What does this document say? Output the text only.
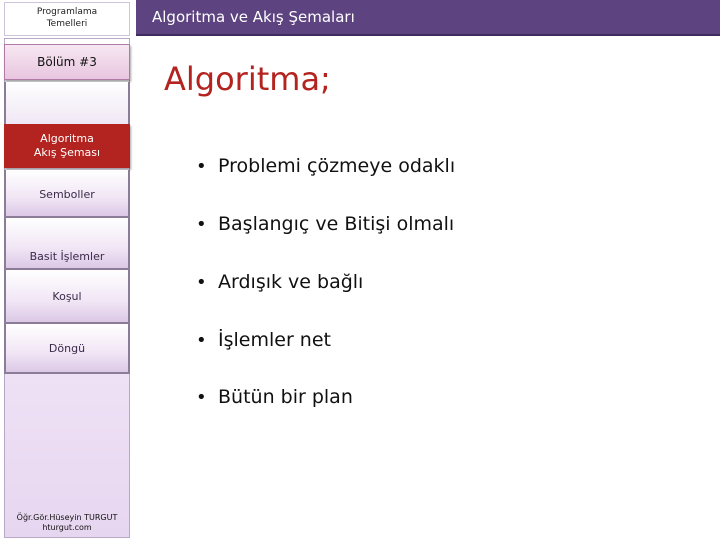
Programlama
Temelleri
Bölüm #3
Algoritma
Akış Şeması
Semboller
Basit İşlemler
Koşul
Döngü
Öğr.Gör.Hüseyin TURGUT
hturgut.com
Algoritma ve Akış Şemaları
Algoritma;
• Problemi çözmeye odaklı
• Başlangıç ve Bitişi olmalı
• Ardışık ve bağlı
• İşlemler net
• Bütün bir plan
